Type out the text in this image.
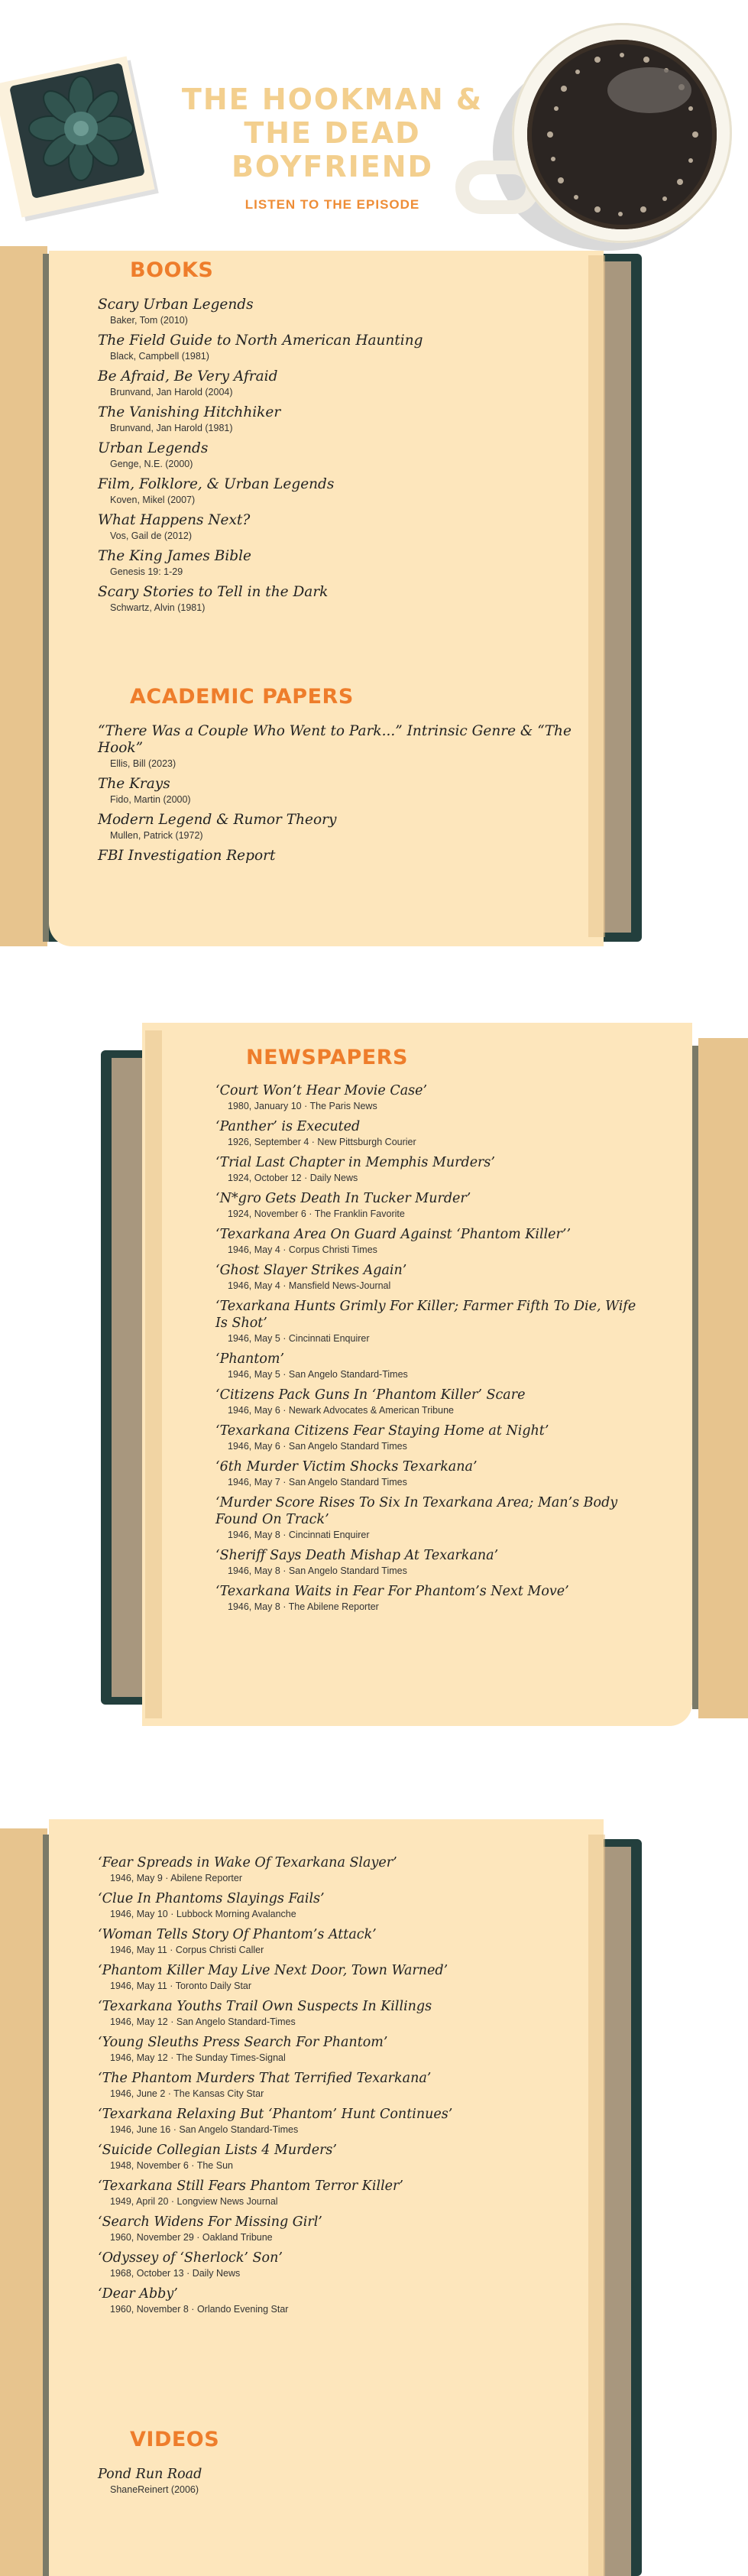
THE HOOKMAN &
THE DEAD
BOYFRIEND
LISTEN TO THE EPISODE
BOOKS
Scary Urban Legends
Baker, Tom (2010)
The Field Guide to North American Haunting
Black, Campbell (1981)
Be Afraid, Be Very Afraid
Brunvand, Jan Harold (2004)
The Vanishing Hitchhiker
Brunvand, Jan Harold (1981)
Urban Legends
Genge, N.E. (2000)
Film, Folklore, & Urban Legends
Koven, Mikel (2007)
What Happens Next?
Vos, Gail de (2012)
The King James Bible
Genesis 19: 1-29
Scary Stories to Tell in the Dark
Schwartz, Alvin (1981)
ACADEMIC PAPERS
“There Was a Couple Who Went to Park...” Intrinsic Genre & “The Hook”
Ellis, Bill (2023)
The Krays
Fido, Martin (2000)
Modern Legend & Rumor Theory
Mullen, Patrick (1972)
FBI Investigation Report
NEWSPAPERS
‘Court Won’t Hear Movie Case’
1980, January 10 · The Paris News
‘Panther’ is Executed
1926, September 4 · New Pittsburgh Courier
‘Trial Last Chapter in Memphis Murders’
1924, October 12 · Daily News
‘N*gro Gets Death In Tucker Murder’
1924, November 6 · The Franklin Favorite
‘Texarkana Area On Guard Against ‘Phantom Killer’’
1946, May 4 · Corpus Christi Times
‘Ghost Slayer Strikes Again’
1946, May 4 · Mansfield News-Journal
‘Texarkana Hunts Grimly For Killer; Farmer Fifth To Die, Wife Is Shot’
1946, May 5 · Cincinnati Enquirer
‘Phantom’
1946, May 5 · San Angelo Standard-Times
‘Citizens Pack Guns In ‘Phantom Killer’ Scare
1946, May 6 · Newark Advocates & American Tribune
‘Texarkana Citizens Fear Staying Home at Night’
1946, May 6 · San Angelo Standard Times
‘6th Murder Victim Shocks Texarkana’
1946, May 7 · San Angelo Standard Times
‘Murder Score Rises To Six In Texarkana Area; Man’s Body Found On Track’
1946, May 8 · Cincinnati Enquirer
‘Sheriff Says Death Mishap At Texarkana’
1946, May 8 · San Angelo Standard Times
‘Texarkana Waits in Fear For Phantom’s Next Move’
1946, May 8 · The Abilene Reporter
‘Fear Spreads in Wake Of Texarkana Slayer’
1946, May 9 · Abilene Reporter
‘Clue In Phantoms Slayings Fails’
1946, May 10 · Lubbock Morning Avalanche
‘Woman Tells Story Of Phantom’s Attack’
1946, May 11 · Corpus Christi Caller
‘Phantom Killer May Live Next Door, Town Warned’
1946, May 11 · Toronto Daily Star
‘Texarkana Youths Trail Own Suspects In Killings
1946, May 12 · San Angelo Standard-Times
‘Young Sleuths Press Search For Phantom’
1946, May 12 · The Sunday Times-Signal
‘The Phantom Murders That Terrified Texarkana’
1946, June 2 · The Kansas City Star
‘Texarkana Relaxing But ‘Phantom’ Hunt Continues’
1946, June 16 · San Angelo Standard-Times
‘Suicide Collegian Lists 4 Murders’
1948, November 6 · The Sun
‘Texarkana Still Fears Phantom Terror Killer’
1949, April 20 · Longview News Journal
‘Search Widens For Missing Girl’
1960, November 29 · Oakland Tribune
‘Odyssey of ‘Sherlock’ Son’
1968, October 13 · Daily News
‘Dear Abby’
1960, November 8 · Orlando Evening Star
VIDEOS
Pond Run Road
ShaneReinert (2006)
